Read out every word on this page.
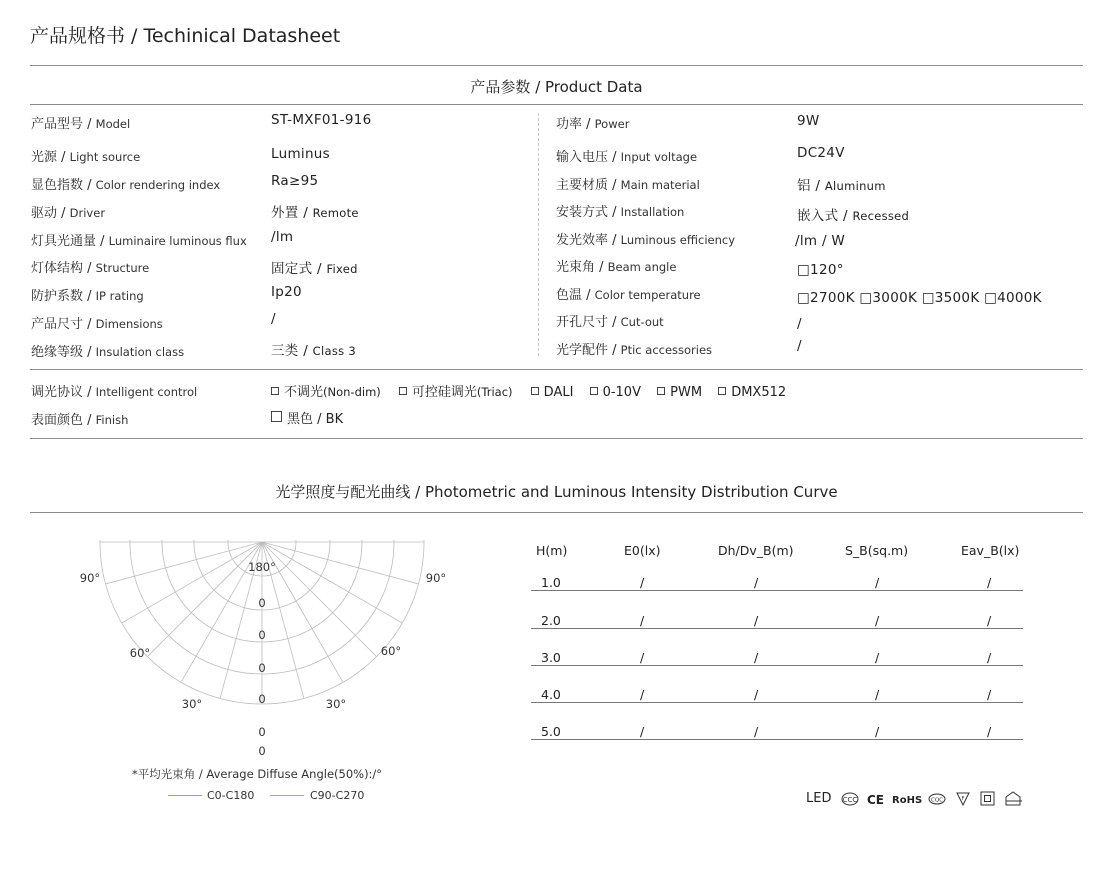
产品规格书 / Techinical Datasheet
产品参数 / Product Data
产品型号 / Model	ST-MXF01-916
光源 / Light source	Luminus
显色指数 / Color rendering index	Ra≥95
驱动 / Driver	外置 / Remote
灯具光通量 / Luminaire luminous flux /lm
灯体结构 / Structure	固定式 / Fixed
防护系数 / IP rating	Ip20
产品尺寸 / Dimensions	/
绝缘等级 / Insulation class	三类 / Class 3
功率 / Power	9W
输入电压 / Input voltage	DC24V
主要材质 / Main material	铝 / Aluminum
安装方式 / Installation	嵌入式 / Recessed
发光效率 / Luminous efficiency	/lm / W
光束角 / Beam angle	□120°
色温 / Color temperature	□2700K □3000K □3500K □4000K
开孔尺寸 / Cut-out	/
光学配件 / Ptic accessories	/
调光协议 / Intelligent control	不调光(Non-dim) 可控硅调光(Triac) DALI 0-10V PWM DMX512
表面颜色 / Finish	黑色 / BK
光学照度与配光曲线 / Photometric and Luminous Intensity Distribution Curve
180°
90°	90°
60°	60°
30°	30°
0
0
0
0
0
0
*平均光束角 / Average Diffuse Angle(50%):/°
C0-C180	C90-C270
H(m)	E0(lx)	Dh/Dv_B(m)	S_B(sq.m)	Eav_B(lx)
1.0	/	/	/	/
2.0	/	/	/	/
3.0	/	/	/	/
4.0	/	/	/	/
5.0	/	/	/	/
LED CCC CE RoHS CQC	F
